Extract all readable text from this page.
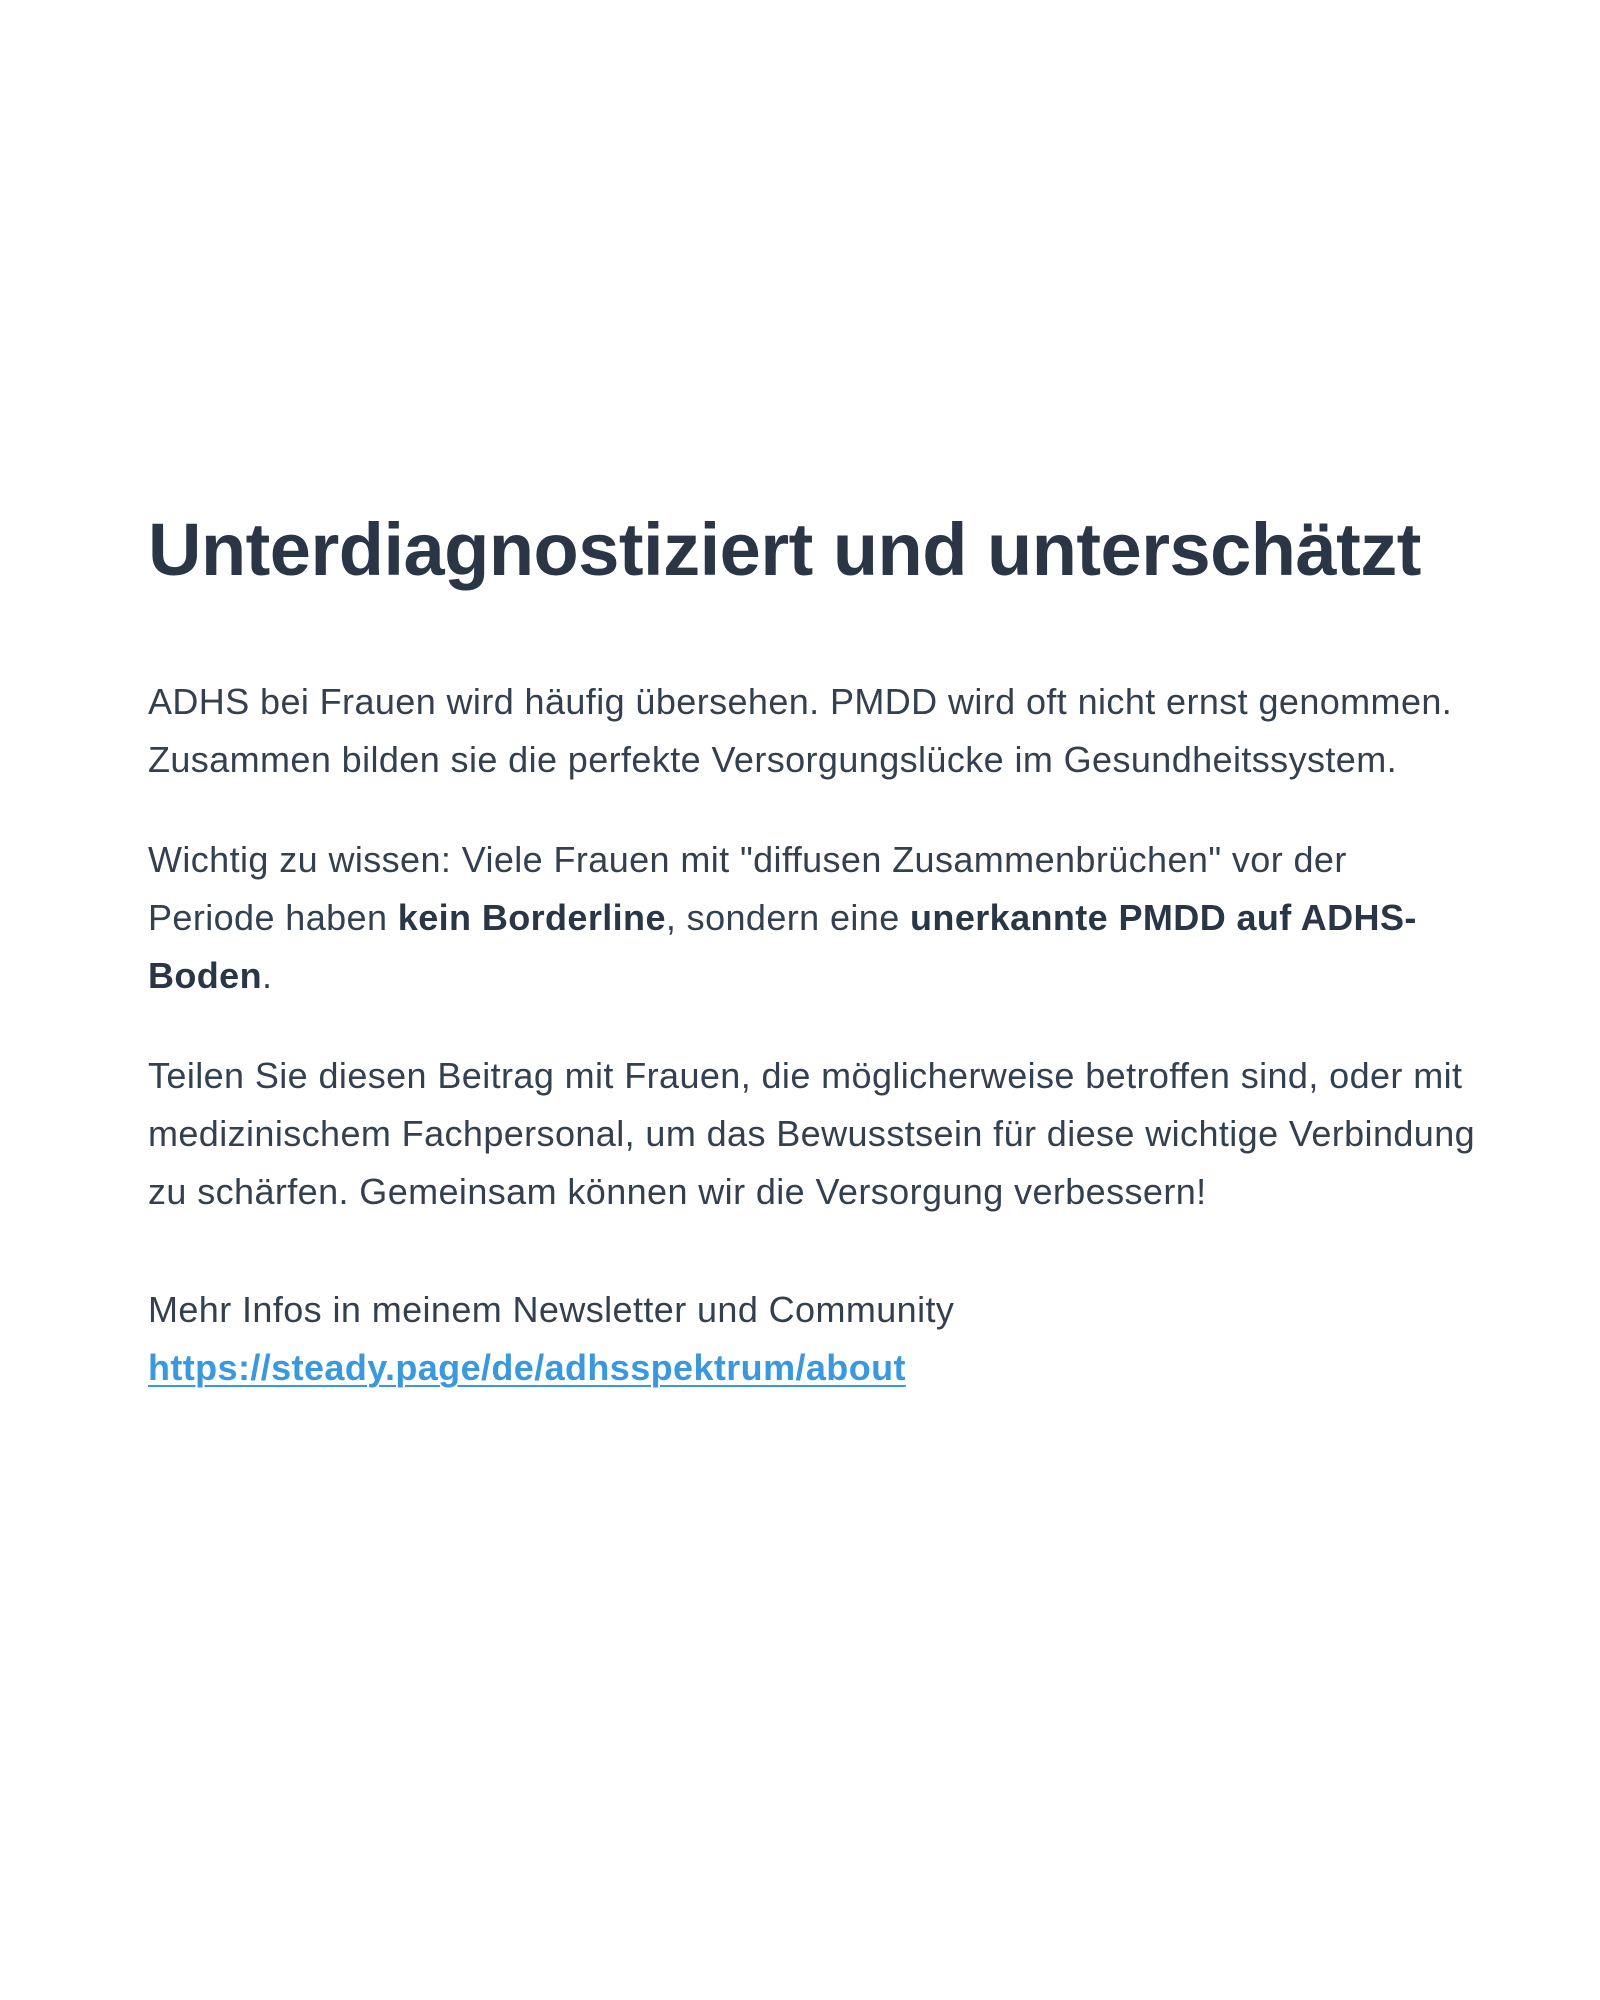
Unterdiagnostiziert und unterschätzt

ADHS bei Frauen wird häufig übersehen. PMDD wird oft nicht ernst genommen. Zusammen bilden sie die perfekte Versorgungslücke im Gesundheitssystem.

Wichtig zu wissen: Viele Frauen mit "diffusen Zusammenbrüchen" vor der Periode haben kein Borderline, sondern eine unerkannte PMDD auf ADHS-Boden.

Teilen Sie diesen Beitrag mit Frauen, die möglicherweise betroffen sind, oder mit medizinischem Fachpersonal, um das Bewusstsein für diese wichtige Verbindung zu schärfen. Gemeinsam können wir die Versorgung verbessern!

Mehr Infos in meinem Newsletter und Community
https://steady.page/de/adhsspektrum/about
